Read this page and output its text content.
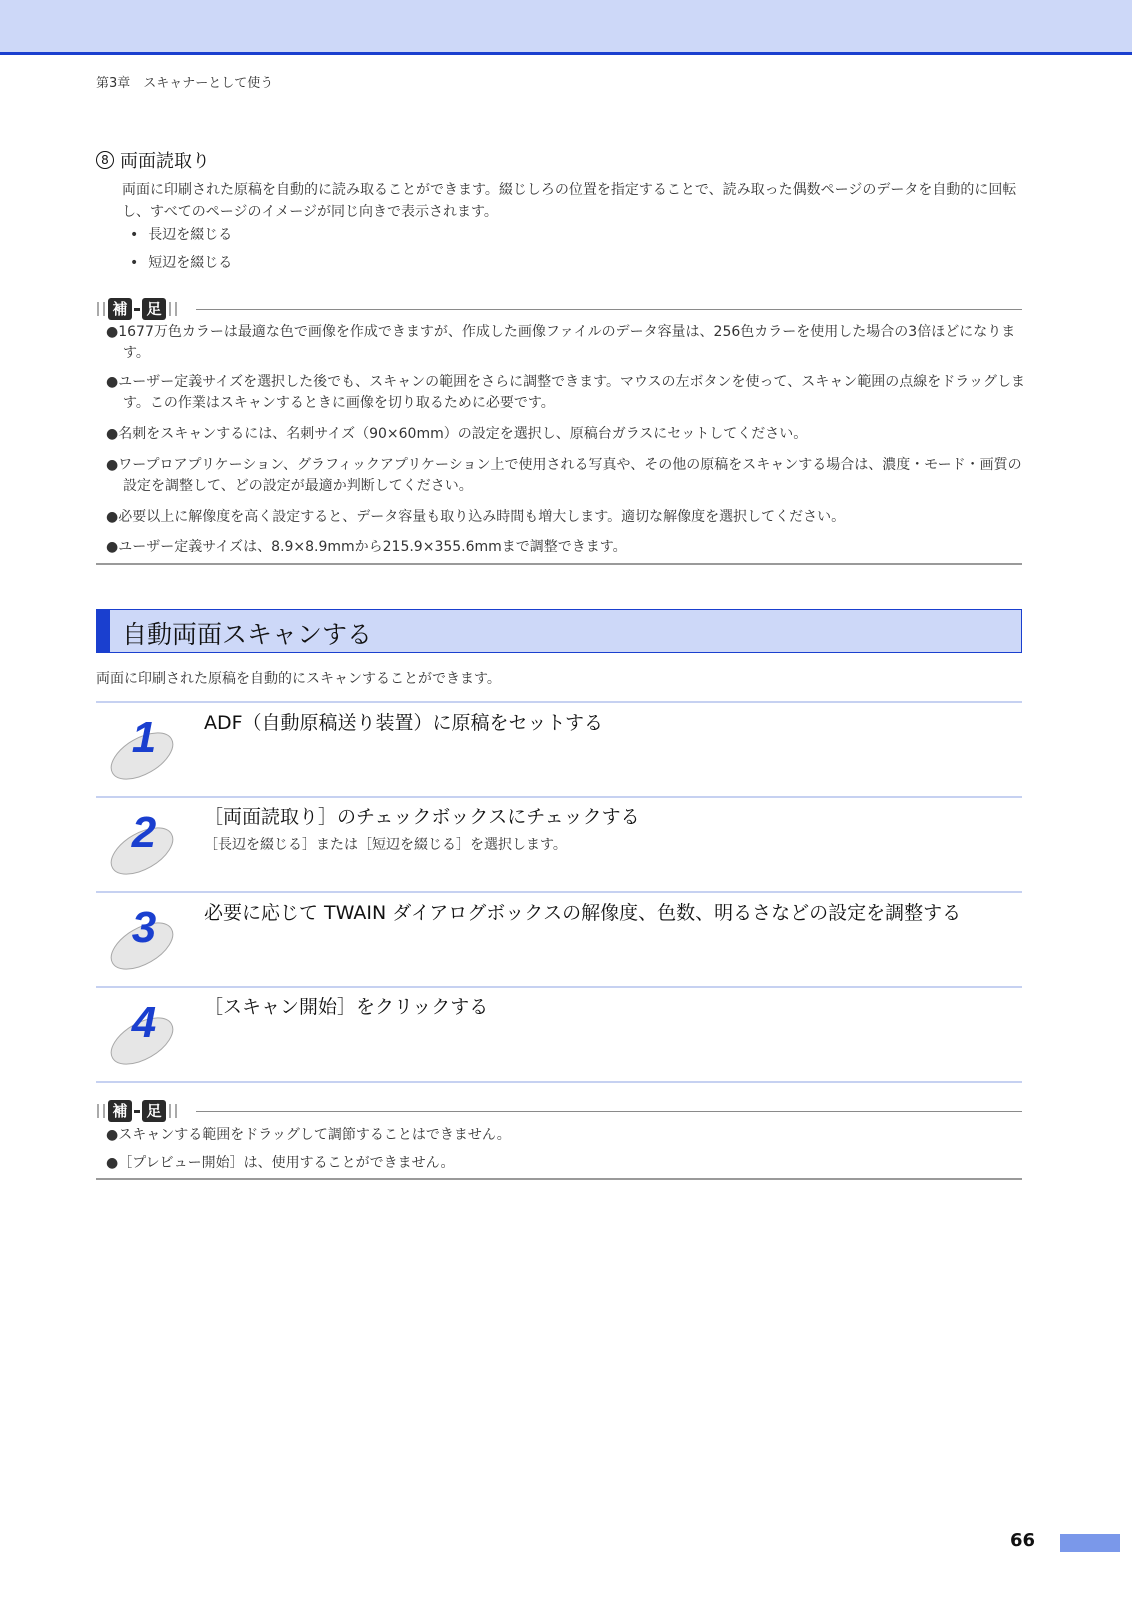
第3章　スキャナーとして使う
8 両面読取り
両面に印刷された原稿を自動的に読み取ることができます。綴じしろの位置を指定することで、読み取った偶数ページのデータを自動的に回転し、すべてのページのイメージが同じ向きで表示されます。
• 長辺を綴じる
• 短辺を綴じる
補	足
●1677万色カラーは最適な色で画像を作成できますが、作成した画像ファイルのデータ容量は、256色カラーを使用した場合の3倍ほどになります。
●ユーザー定義サイズを選択した後でも、スキャンの範囲をさらに調整できます。マウスの左ボタンを使って、スキャン範囲の点線をドラッグします。この作業はスキャンするときに画像を切り取るために必要です。
●名刺をスキャンするには、名刺サイズ（90×60mm）の設定を選択し、原稿台ガラスにセットしてください。
●ワープロアプリケーション、グラフィックアプリケーション上で使用される写真や、その他の原稿をスキャンする場合は、濃度・モード・画質の設定を調整して、どの設定が最適か判断してください。
●必要以上に解像度を高く設定すると、データ容量も取り込み時間も増大します。適切な解像度を選択してください。
●ユーザー定義サイズは、8.9×8.9mmから215.9×355.6mmまで調整できます。
自動両面スキャンする
両面に印刷された原稿を自動的にスキャンすることができます。
1	ADF（自動原稿送り装置）に原稿をセットする
2	［両面読取り］のチェックボックスにチェックする
［長辺を綴じる］または［短辺を綴じる］を選択します。
3	必要に応じて TWAIN ダイアログボックスの解像度、色数、明るさなどの設定を調整する
4	［スキャン開始］をクリックする
補	足
●スキャンする範囲をドラッグして調節することはできません。
●［プレビュー開始］は、使用することができません。
66
